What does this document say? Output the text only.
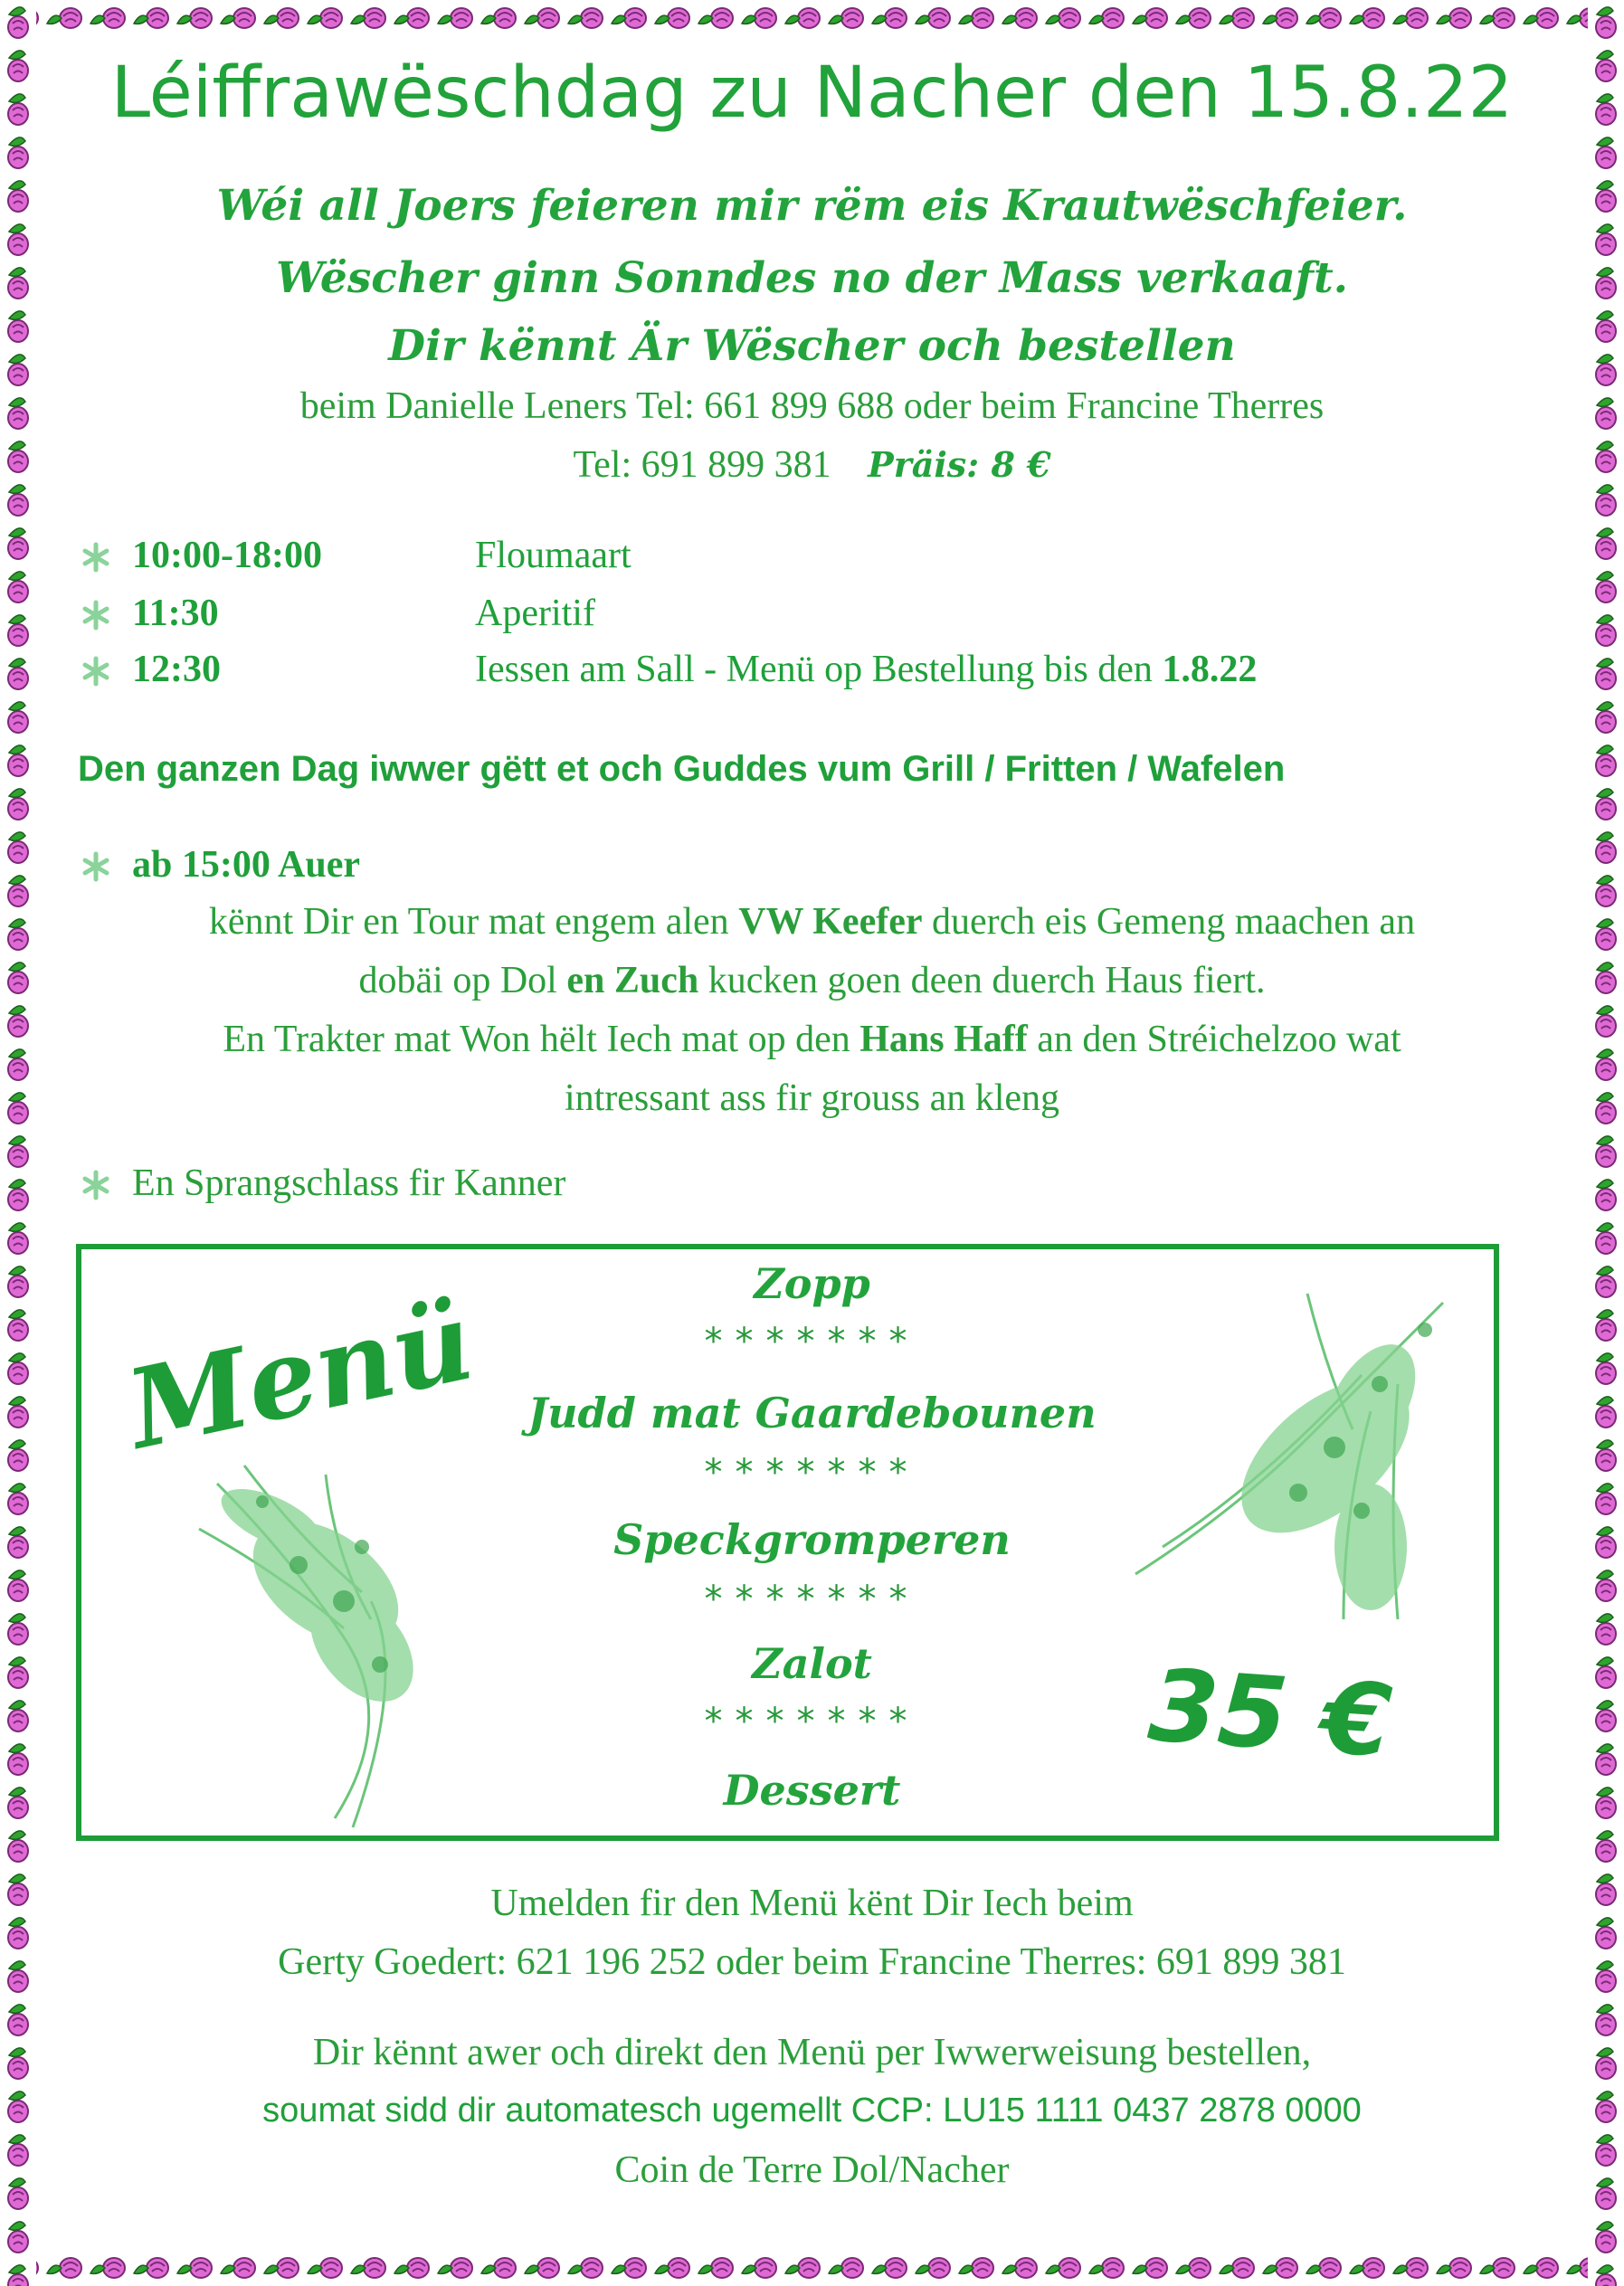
Léiffrawëschdag zu Nacher den 15.8.22
Wéi all Joers feieren mir rëm eis Krautwëschfeier.
Wëscher ginn Sonndes no der Mass verkaaft.
Dir kënnt Är Wëscher och bestellen
beim Danielle Leners Tel: 661 899 688 oder beim Francine Therres
Tel: 691 899 381 Präis: 8 €
10:00-18:00	Floumaart
11:30	Aperitif
12:30	Iessen am Sall - Menü op Bestellung bis den 1.8.22
Den ganzen Dag iwwer gëtt et och Guddes vum Grill / Fritten / Wafelen
ab 15:00 Auer
kënnt Dir en Tour mat engem alen VW Keefer duerch eis Gemeng maachen an
dobäi op Dol en Zuch kucken goen deen duerch Haus fiert.
En Trakter mat Won hëlt Iech mat op den Hans Haff an den Stréichelzoo wat
intressant ass fir grouss an kleng
En Sprangschlass fir Kanner
Menü	Zopp
*******
Judd mat Gaardebounen
*******
Speckgromperen
*******
Zalot
*******
Dessert
35 €
Umelden fir den Menü kënt Dir Iech beim
Gerty Goedert: 621 196 252 oder beim Francine Therres: 691 899 381
Dir kënnt awer och direkt den Menü per Iwwerweisung bestellen,
soumat sidd dir automatesch ugemellt CCP: LU15 1111 0437 2878 0000
Coin de Terre Dol/Nacher
